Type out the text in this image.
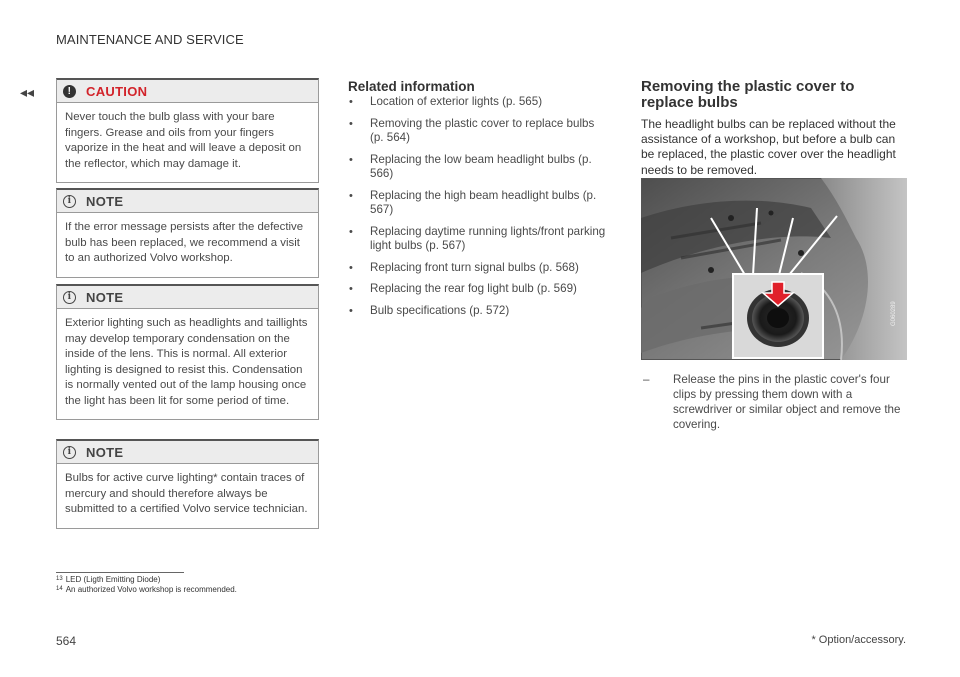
MAINTENANCE AND SERVICE
◂◂	!	CAUTION
Never touch the bulb glass with your bare fingers. Grease and oils from your fingers vaporize in the heat and will leave a deposit on the reflector, which may damage it.
i	NOTE
If the error message persists after the defective bulb has been replaced, we recommend a visit to an authorized Volvo workshop.
i	NOTE
Exterior lighting such as headlights and taillights may develop temporary condensation on the inside of the lens. This is normal. All exterior lighting is designed to resist this. Condensation is normally vented out of the lamp housing once the light has been lit for some period of time.
i	NOTE
Bulbs for active curve lighting* contain traces of mercury and should therefore always be submitted to a certified Volvo service technician.
Related information
• Location of exterior lights (p. 565)
• Removing the plastic cover to replace bulbs (p. 564)
• Replacing the low beam headlight bulbs (p. 566)
• Replacing the high beam headlight bulbs (p. 567)
• Replacing daytime running lights/front parking light bulbs (p. 567)
• Replacing front turn signal bulbs (p. 568)
• Replacing the rear fog light bulb (p. 569)
• Bulb specifications (p. 572)
Removing the plastic cover to replace bulbs
The headlight bulbs can be replaced without the assistance of a workshop, but before a bulb can be replaced, the plastic cover over the headlight needs to be removed.
G060289
– Release the pins in the plastic cover's four clips by pressing them down with a screwdriver or similar object and remove the covering.
$^{13}$ LED (Ligth Emitting Diode)
$^{14}$ An authorized Volvo workshop is recommended.
564	* Option/accessory.
